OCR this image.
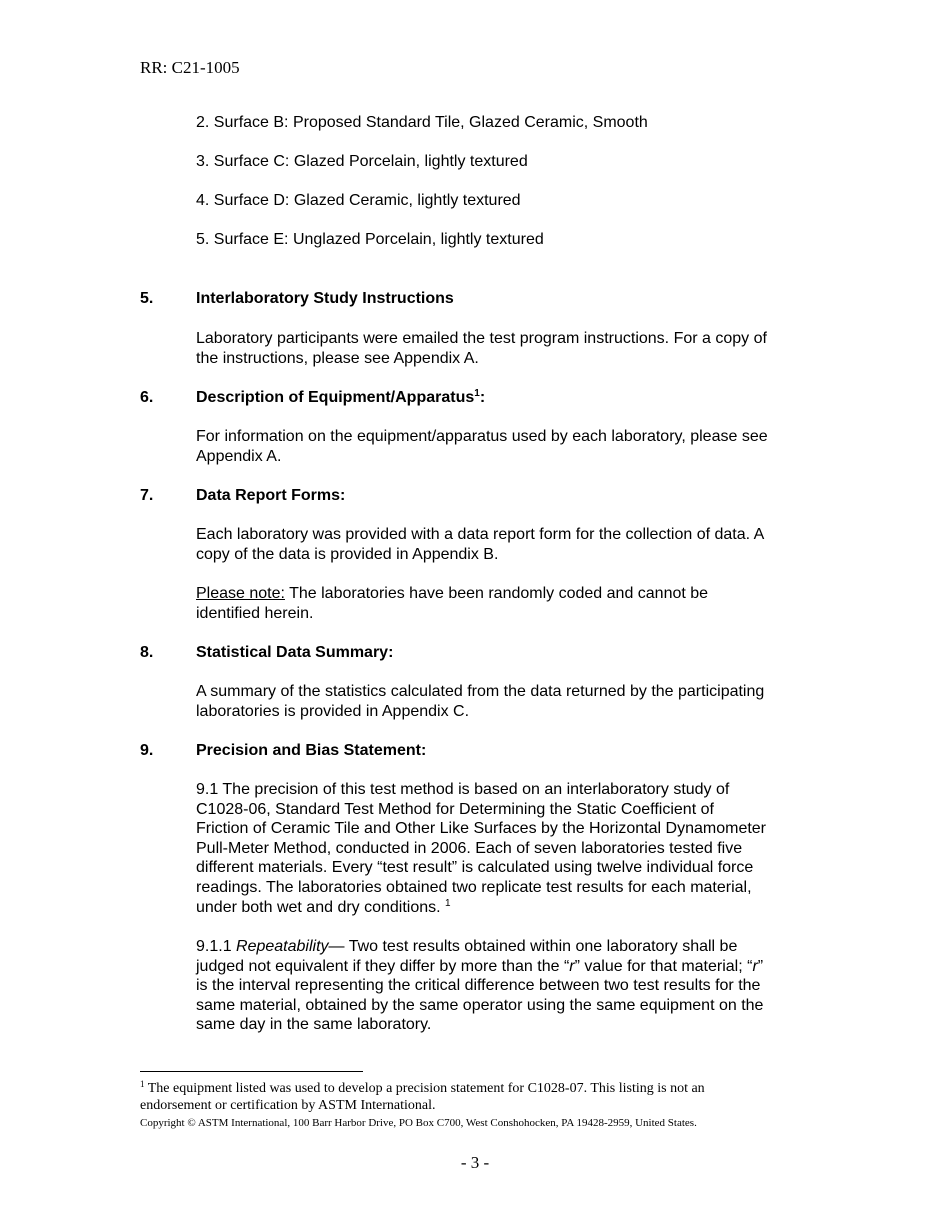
RR: C21-1005
2. Surface B: Proposed Standard Tile, Glazed Ceramic, Smooth
3. Surface C: Glazed Porcelain, lightly textured
4. Surface D: Glazed Ceramic, lightly textured
5. Surface E: Unglazed Porcelain, lightly textured
5.	Interlaboratory Study Instructions
Laboratory participants were emailed the test program instructions. For a copy of
the instructions, please see Appendix A.
6.	Description of Equipment/Apparatus$^1$:
For information on the equipment/apparatus used by each laboratory, please see
Appendix A.
7.	Data Report Forms:
Each laboratory was provided with a data report form for the collection of data. A
copy of the data is provided in Appendix B.
Please note: The laboratories have been randomly coded and cannot be
identified herein.
8.	Statistical Data Summary:
A summary of the statistics calculated from the data returned by the participating
laboratories is provided in Appendix C.
9.	Precision and Bias Statement:
9.1 The precision of this test method is based on an interlaboratory study of
C1028-06, Standard Test Method for Determining the Static Coefficient of
Friction of Ceramic Tile and Other Like Surfaces by the Horizontal Dynamometer
Pull-Meter Method, conducted in 2006. Each of seven laboratories tested five
different materials. Every “test result” is calculated using twelve individual force
readings. The laboratories obtained two replicate test results for each material,
under both wet and dry conditions. $^1$
9.1.1 Repeatability— Two test results obtained within one laboratory shall be
judged not equivalent if they differ by more than the “r” value for that material; “r”
is the interval representing the critical difference between two test results for the
same material, obtained by the same operator using the same equipment on the
same day in the same laboratory.
$^1$ The equipment listed was used to develop a precision statement for C1028-07. This listing is not an
endorsement or certification by ASTM International.
Copyright © ASTM International, 100 Barr Harbor Drive, PO Box C700, West Conshohocken, PA 19428-2959, United States.
- 3 -
